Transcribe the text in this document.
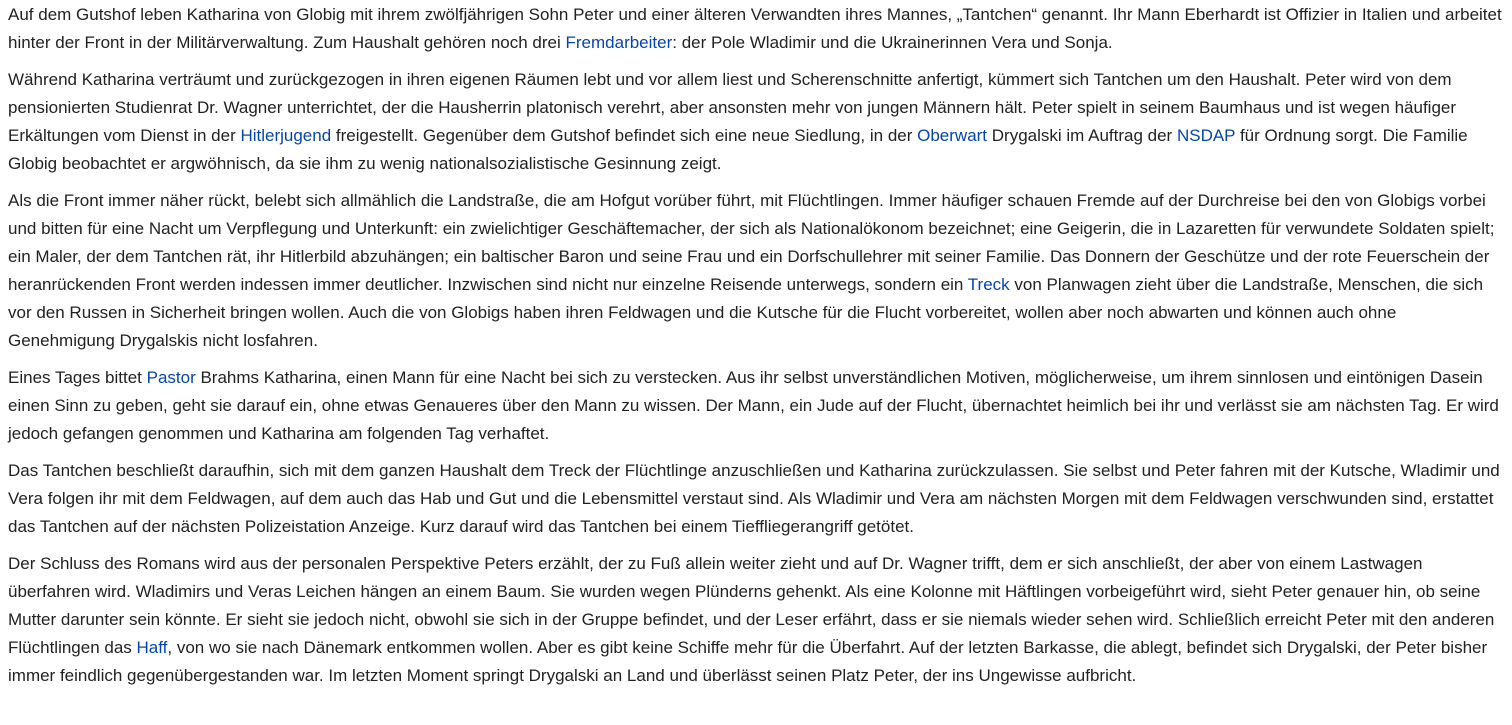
Auf dem Gutshof leben Katharina von Globig mit ihrem zwölfjährigen Sohn Peter und einer älteren Verwandten ihres Mannes, „Tantchen“ genannt. Ihr Mann Eberhardt ist Offizier in Italien und arbeitet hinter der Front in der Militärverwaltung. Zum Haushalt gehören noch drei Fremdarbeiter: der Pole Wladimir und die Ukrainerinnen Vera und Sonja.

Während Katharina verträumt und zurückgezogen in ihren eigenen Räumen lebt und vor allem liest und Scherenschnitte anfertigt, kümmert sich Tantchen um den Haushalt. Peter wird von dem pensionierten Studienrat Dr. Wagner unterrichtet, der die Hausherrin platonisch verehrt, aber ansonsten mehr von jungen Männern hält. Peter spielt in seinem Baumhaus und ist wegen häufiger Erkältungen vom Dienst in der Hitlerjugend freigestellt. Gegenüber dem Gutshof befindet sich eine neue Siedlung, in der Oberwart Drygalski im Auftrag der NSDAP für Ordnung sorgt. Die Familie Globig beobachtet er argwöhnisch, da sie ihm zu wenig nationalsozialistische Gesinnung zeigt.

Als die Front immer näher rückt, belebt sich allmählich die Landstraße, die am Hofgut vorüber führt, mit Flüchtlingen. Immer häufiger schauen Fremde auf der Durchreise bei den von Globigs vorbei und bitten für eine Nacht um Verpflegung und Unterkunft: ein zwielichtiger Geschäftemacher, der sich als Nationalökonom bezeichnet; eine Geigerin, die in Lazaretten für verwundete Soldaten spielt; ein Maler, der dem Tantchen rät, ihr Hitlerbild abzuhängen; ein baltischer Baron und seine Frau und ein Dorfschullehrer mit seiner Familie. Das Donnern der Geschütze und der rote Feuerschein der heranrückenden Front werden indessen immer deutlicher. Inzwischen sind nicht nur einzelne Reisende unterwegs, sondern ein Treck von Planwagen zieht über die Landstraße, Menschen, die sich vor den Russen in Sicherheit bringen wollen. Auch die von Globigs haben ihren Feldwagen und die Kutsche für die Flucht vorbereitet, wollen aber noch abwarten und können auch ohne Genehmigung Drygalskis nicht losfahren.

Eines Tages bittet Pastor Brahms Katharina, einen Mann für eine Nacht bei sich zu verstecken. Aus ihr selbst unverständlichen Motiven, möglicherweise, um ihrem sinnlosen und eintönigen Dasein einen Sinn zu geben, geht sie darauf ein, ohne etwas Genaueres über den Mann zu wissen. Der Mann, ein Jude auf der Flucht, übernachtet heimlich bei ihr und verlässt sie am nächsten Tag. Er wird jedoch gefangen genommen und Katharina am folgenden Tag verhaftet.

Das Tantchen beschließt daraufhin, sich mit dem ganzen Haushalt dem Treck der Flüchtlinge anzuschließen und Katharina zurückzulassen. Sie selbst und Peter fahren mit der Kutsche, Wladimir und Vera folgen ihr mit dem Feldwagen, auf dem auch das Hab und Gut und die Lebensmittel verstaut sind. Als Wladimir und Vera am nächsten Morgen mit dem Feldwagen verschwunden sind, erstattet das Tantchen auf der nächsten Polizeistation Anzeige. Kurz darauf wird das Tantchen bei einem Tieffliegerangriff getötet.

Der Schluss des Romans wird aus der personalen Perspektive Peters erzählt, der zu Fuß allein weiter zieht und auf Dr. Wagner trifft, dem er sich anschließt, der aber von einem Lastwagen überfahren wird. Wladimirs und Veras Leichen hängen an einem Baum. Sie wurden wegen Plünderns gehenkt. Als eine Kolonne mit Häftlingen vorbeigeführt wird, sieht Peter genauer hin, ob seine Mutter darunter sein könnte. Er sieht sie jedoch nicht, obwohl sie sich in der Gruppe befindet, und der Leser erfährt, dass er sie niemals wieder sehen wird. Schließlich erreicht Peter mit den anderen Flüchtlingen das Haff, von wo sie nach Dänemark entkommen wollen. Aber es gibt keine Schiffe mehr für die Überfahrt. Auf der letzten Barkasse, die ablegt, befindet sich Drygalski, der Peter bisher immer feindlich gegenübergestanden war. Im letzten Moment springt Drygalski an Land und überlässt seinen Platz Peter, der ins Ungewisse aufbricht.
